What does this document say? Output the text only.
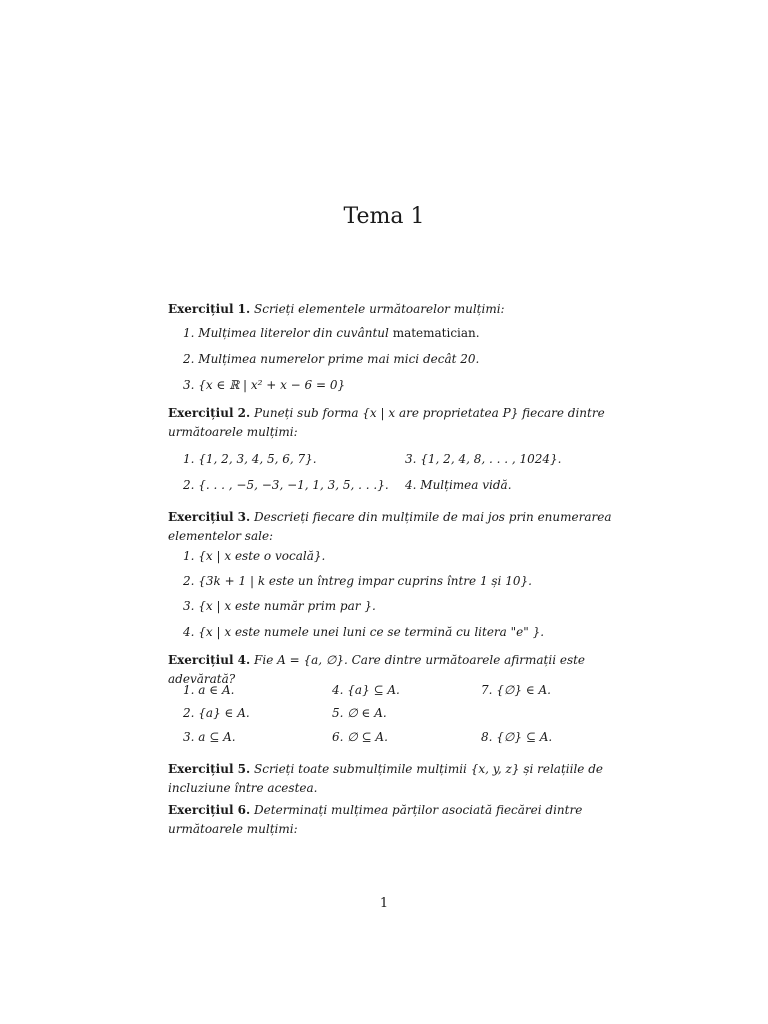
Tema 1
Exercițiul 1. Scrieți elementele următoarelor mulțimi:
1. Mulțimea literelor din cuvântul matematician.
2. Mulțimea numerelor prime mai mici decât 20.
3. {x ∈ ℝ | x² + x − 6 = 0}
Exercițiul 2. Puneți sub forma {x | x are proprietatea P} fiecare dintre următoarele mulțimi:
1. {1, 2, 3, 4, 5, 6, 7}.
2. {. . . , −5, −3, −1, 1, 3, 5, . . .}.
3. {1, 2, 4, 8, . . . , 1024}.
4. Mulțimea vidă.
Exercițiul 3. Descrieți fiecare din mulțimile de mai jos prin enumerarea elementelor sale:
1. {x | x este o vocală}.
2. {3k + 1 | k este un întreg impar cuprins între 1 și 10}.
3. {x | x este număr prim par }.
4. {x | x este numele unei luni ce se termină cu litera "e" }.
Exercițiul 4. Fie A = {a, ∅}. Care dintre următoarele afirmații este adevărată?
1. a ∈ A.
2. {a} ∈ A.
3. a ⊆ A.
4. {a} ⊆ A.
5. ∅ ∈ A.
6. ∅ ⊆ A.
7. {∅} ∈ A.
8. {∅} ⊆ A.
Exercițiul 5. Scrieți toate submulțimile mulțimii {x, y, z} și relațiile de incluziune între acestea.
Exercițiul 6. Determinați mulțimea părților asociată fiecărei dintre următoarele mulțimi:
1
